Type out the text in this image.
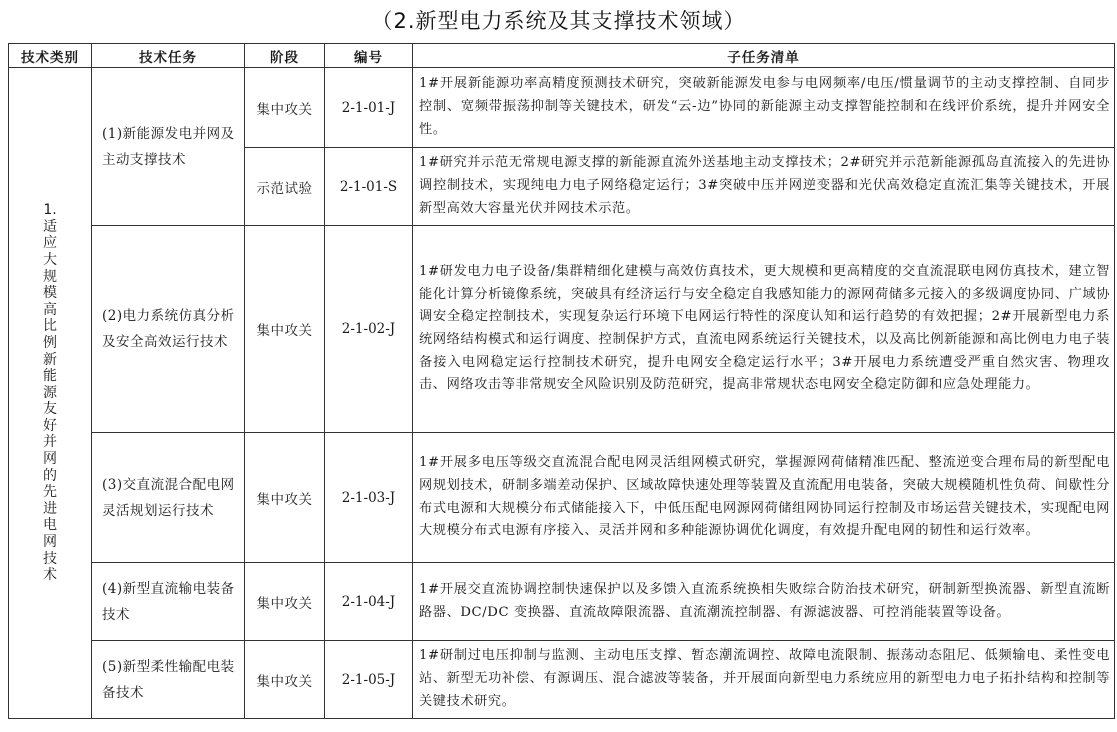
（2.新型电力系统及其支撑技术领域）
技术类别	技术任务	阶段	编号	子任务清单
1.适应大规模高比例新能源友好并网的先进电网技术	(1)新能源发电并网及主动支撑技术	集中攻关	2-1-01-J	1#开展新能源功率高精度预测技术研究，突破新能源发电参与电网频率/电压/惯量调节的主动支撑控制、自同步控制、宽频带振荡抑制等关键技术，研发“云-边”协同的新能源主动支撑智能控制和在线评价系统，提升并网安全性。

		示范试验	2-1-01-S	1#研究并示范无常规电源支撑的新能源直流外送基地主动支撑技术；2#研究并示范新能源孤岛直流接入的先进协调控制技术，实现纯电力电子网络稳定运行；3#突破中压并网逆变器和光伏高效稳定直流汇集等关键技术，开展新型高效大容量光伏并网技术示范。

	(2)电力系统仿真分析及安全高效运行技术	集中攻关	2-1-02-J	1#研发电力电子设备/集群精细化建模与高效仿真技术，更大规模和更高精度的交直流混联电网仿真技术，建立智能化计算分析镜像系统，突破具有经济运行与安全稳定自我感知能力的源网荷储多元接入的多级调度协同、广域协调安全稳定控制技术，实现复杂运行环境下电网运行特性的深度认知和运行趋势的有效把握；2#开展新型电力系统网络结构模式和运行调度、控制保护方式，直流电网系统运行关键技术，以及高比例新能源和高比例电力电子装备接入电网稳定运行控制技术研究，提升电网安全稳定运行水平；3#开展电力系统遭受严重自然灾害、物理攻击、网络攻击等非常规安全风险识别及防范研究，提高非常规状态电网安全稳定防御和应急处理能力。

	(3)交直流混合配电网灵活规划运行技术	集中攻关	2-1-03-J	1#开展多电压等级交直流混合配电网灵活组网模式研究，掌握源网荷储精准匹配、整流逆变合理布局的新型配电网规划技术，研制多端差动保护、区域故障快速处理等装置及直流配用电装备，突破大规模随机性负荷、间歇性分布式电源和大规模分布式储能接入下，中低压配电网源网荷储组网协同运行控制及市场运营关键技术，实现配电网大规模分布式电源有序接入、灵活并网和多种能源协调优化调度，有效提升配电网的韧性和运行效率。

	(4)新型直流输电装备技术	集中攻关	2-1-04-J	1#开展交直流协调控制快速保护以及多馈入直流系统换相失败综合防治技术研究，研制新型换流器、新型直流断路器、DC/DC 变换器、直流故障限流器、直流潮流控制器、有源滤波器、可控消能装置等设备。

	(5)新型柔性输配电装备技术	集中攻关	2-1-05-J	1#研制过电压抑制与监测、主动电压支撑、暂态潮流调控、故障电流限制、振荡动态阻尼、低频输电、柔性变电站、新型无功补偿、有源调压、混合滤波等装备，并开展面向新型电力系统应用的新型电力电子拓扑结构和控制等关键技术研究。
